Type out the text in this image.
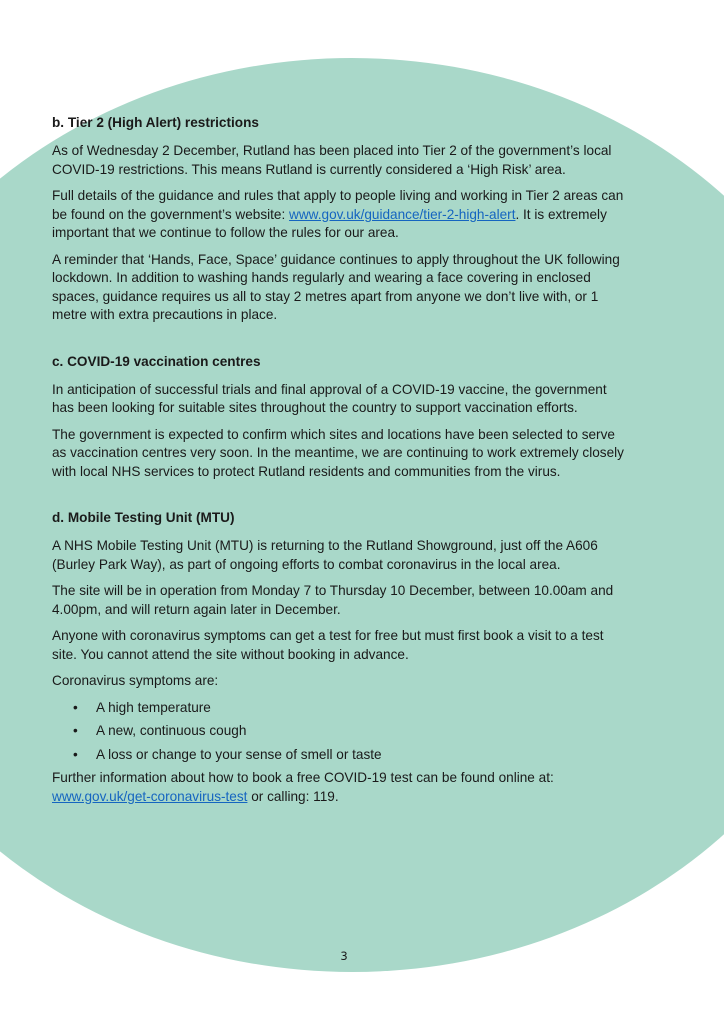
b. Tier 2 (High Alert) restrictions

As of Wednesday 2 December, Rutland has been placed into Tier 2 of the government’s local COVID-19 restrictions. This means Rutland is currently considered a ‘High Risk’ area.

Full details of the guidance and rules that apply to people living and working in Tier 2 areas can be found on the government’s website: www.gov.uk/guidance/tier-2-high-alert. It is extremely important that we continue to follow the rules for our area.

A reminder that ‘Hands, Face, Space’ guidance continues to apply throughout the UK following lockdown. In addition to washing hands regularly and wearing a face covering in enclosed spaces, guidance requires us all to stay 2 metres apart from anyone we don’t live with, or 1 metre with extra precautions in place.

c. COVID-19 vaccination centres

In anticipation of successful trials and final approval of a COVID-19 vaccine, the government has been looking for suitable sites throughout the country to support vaccination efforts.

The government is expected to confirm which sites and locations have been selected to serve as vaccination centres very soon. In the meantime, we are continuing to work extremely closely with local NHS services to protect Rutland residents and communities from the virus.

d. Mobile Testing Unit (MTU)

A NHS Mobile Testing Unit (MTU) is returning to the Rutland Showground, just off the A606 (Burley Park Way), as part of ongoing efforts to combat coronavirus in the local area.

The site will be in operation from Monday 7 to Thursday 10 December, between 10.00am and 4.00pm, and will return again later in December.

Anyone with coronavirus symptoms can get a test for free but must first book a visit to a test site. You cannot attend the site without booking in advance.

Coronavirus symptoms are:

• A high temperature
• A new, continuous cough
• A loss or change to your sense of smell or taste

Further information about how to book a free COVID-19 test can be found online at: www.gov.uk/get-coronavirus-test or calling: 119.

3
